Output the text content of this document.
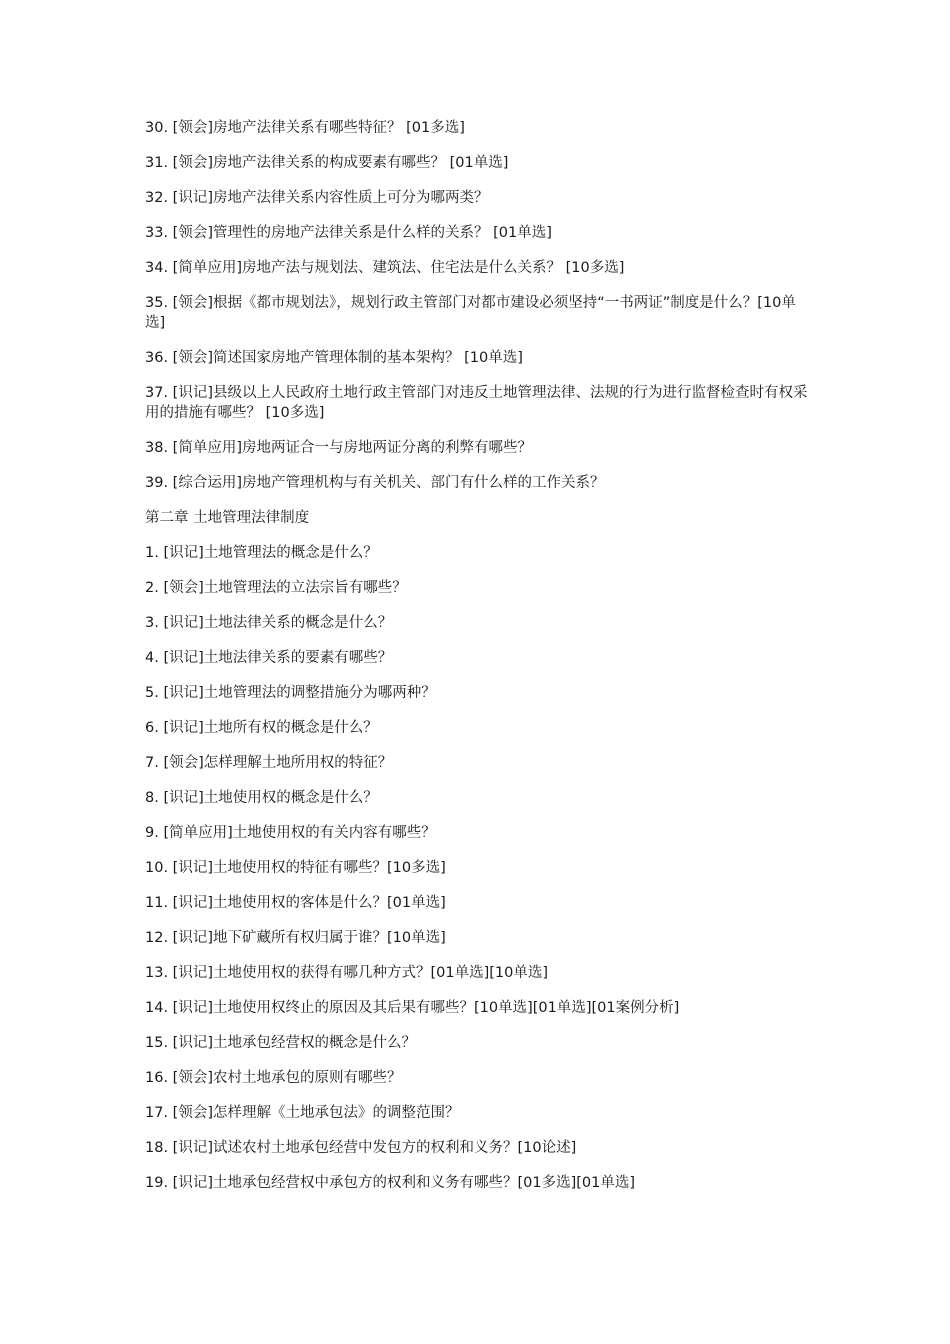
30. [领会]房地产法律关系有哪些特征？ [01多选]

31. [领会]房地产法律关系的构成要素有哪些？ [01单选]

32. [识记]房地产法律关系内容性质上可分为哪两类？

33. [领会]管理性的房地产法律关系是什么样的关系？ [01单选]

34. [简单应用]房地产法与规划法、建筑法、住宅法是什么关系？ [10多选]

35. [领会]根据《都市规划法》，规划行政主管部门对都市建设必须坚持“一书两证”制度是什么？[10单选]

36. [领会]简述国家房地产管理体制的基本架构？ [10单选]

37. [识记]县级以上人民政府土地行政主管部门对违反土地管理法律、法规的行为进行监督检查时有权采用的措施有哪些？ [10多选]

38. [简单应用]房地两证合一与房地两证分离的利弊有哪些？

39. [综合运用]房地产管理机构与有关机关、部门有什么样的工作关系？

第二章 土地管理法律制度

1. [识记]土地管理法的概念是什么？

2. [领会]土地管理法的立法宗旨有哪些？

3. [识记]土地法律关系的概念是什么？

4. [识记]土地法律关系的要素有哪些？

5. [识记]土地管理法的调整措施分为哪两种？

6. [识记]土地所有权的概念是什么？

7. [领会]怎样理解土地所用权的特征？

8. [识记]土地使用权的概念是什么？

9. [简单应用]土地使用权的有关内容有哪些？

10. [识记]土地使用权的特征有哪些？[10多选]

11. [识记]土地使用权的客体是什么？[01单选]

12. [识记]地下矿藏所有权归属于谁？[10单选]

13. [识记]土地使用权的获得有哪几种方式？[01单选][10单选]

14. [识记]土地使用权终止的原因及其后果有哪些？[10单选][01单选][01案例分析]

15. [识记]土地承包经营权的概念是什么？

16. [领会]农村土地承包的原则有哪些？

17. [领会]怎样理解《土地承包法》的调整范围？

18. [识记]试述农村土地承包经营中发包方的权利和义务？[10论述]

19. [识记]土地承包经营权中承包方的权利和义务有哪些？[01多选][01单选]
